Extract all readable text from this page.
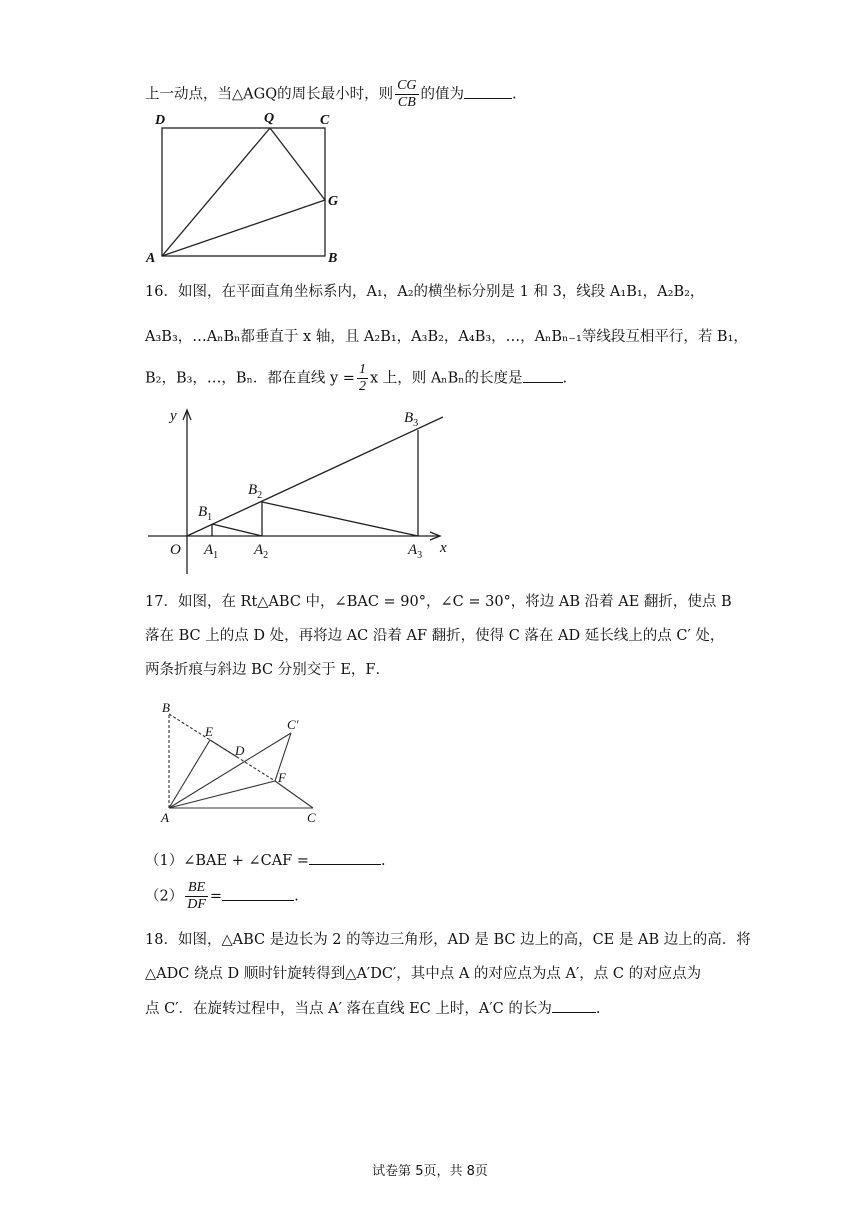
上一动点，当△AGQ的周长最小时，则 $\frac{CG}{CB}$ 的值为	.
D	Q	C
G
A	B
16．如图，在平面直角坐标系内，A₁，A₂的横坐标分别是 1 和 3，线段 A₁B₁，A₂B₂，
A₃B₃，…AₙBₙ都垂直于 x 轴，且 A₂B₁，A₃B₂，A₄B₃，…，AₙBₙ₋₁等线段互相平行，若 B₁，
B₂，B₃，…，Bₙ．都在直线 $y = \frac{1}{2}$ x 上，则 AₙBₙ的长度是	.
y
x
O
$B_1$
$B_2$
$B_3$
$A_1$ $A_2$	$A_3$
17．如图，在 Rt△ABC 中，∠BAC = 90°，∠C = 30°，将边 AB 沿着 AE 翻折，使点 B
落在 BC 上的点 D 处，再将边 AC 沿着 AF 翻折，使得 C 落在 AD 延长线上的点 C′ 处，
两条折痕与斜边 BC 分别交于 E，F．
B
E	C′
D
F
A	C
（1）∠BAE + ∠CAF =	.
$(2) \frac{BE}{DF}$ =	.
18．如图，△ABC 是边长为 2 的等边三角形，AD 是 BC 边上的高，CE 是 AB 边上的高．将
△ADC 绕点 D 顺时针旋转得到△A′DC′，其中点 A 的对应点为点 A′，点 C 的对应点为
点 C′．在旋转过程中，当点 A′ 落在直线 EC 上时，A′C 的长为	.
试卷第 5页，共 8页
